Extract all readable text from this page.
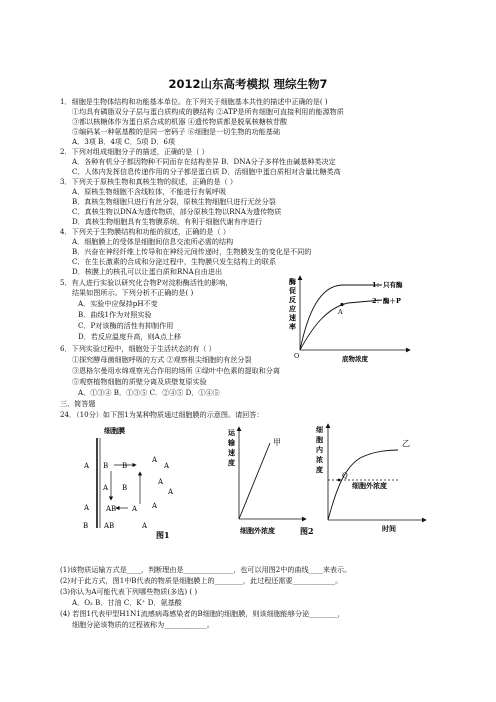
2012山东高考模拟 理综生物7
1．细胞是生物体结构和功能基本单位。在下列关于细胞基本共性的描述中正确的是( )
①均具有磷脂双分子层与蛋白质构成的膜结构 ②ATP是所有细胞可直接利用的能源物质
③都以核糖体作为蛋白质合成的机器 ④遗传物质都是脱氧核糖核苷酸
⑤编码某一种氨基酸的是同一密码子 ⑥细胞是一切生物的功能基础
A．3项 B．4项 C．5项 D．6项
2．下列对组成细胞分子的描述，正确的是（ ）
A．各种有机分子都因物种不同而存在结构差异 B．DNA分子多样性由碱基种类决定
C．人体内发挥信息传递作用的分子都是蛋白质 D．活细胞中蛋白质相对含量比糖类高
3．下列关于原核生物和真核生物的叙述，正确的是（ ）
A．原核生物细胞不含线粒体，不能进行有氧呼吸
B．真核生物细胞只进行有丝分裂，原核生物细胞只进行无丝分裂
C．真核生物以DNA为遗传物质，部分原核生物以RNA为遗传物质
D．真核生物细胞具有生物膜系统，有利于细胞代谢有序进行
4．下列关于生物膜结构和功能的叙述，正确的是（ ）
A．细胞膜上的受体是细胞间信息交流所必需的结构
B．兴奋在神经纤维上传导和在神经元间传递时，生物膜发生的变化是不同的
C．在生长激素的合成和分泌过程中，生物膜只发生结构上的联系
D．核膜上的核孔可以让蛋白质和RNA自由进出
5．有人进行实验以研究化合物P对淀粉酶活性的影响，
结果如图所示。下列分析不正确的是( )
A．实验中应保持pH不变
B．曲线1作为对照实验
C．P对该酶的活性有抑制作用
D．若反应温度升高，则A点上移
酶
促
反
应
速
率
A
1：只有酶
2：酶＋P
O	底物浓度
6．下列实验过程中，细胞处于生活状态的有（ ）
①探究酵母菌细胞呼吸的方式 ②观察根尖细胞的有丝分裂
③恩格尔曼用水绵观察光合作用的场所 ④绿叶中色素的提取和分离
⑤观察植物细胞的质壁分离及质壁复原实验
A．①③④ B．①③⑤ C．②④⑤ D．①④⑤
三、简答题
24．（10分）如下图1为某种物质通过细胞膜的示意图。请回答：
细胞膜
A B B
A B
A AB A
B AB	A
A
A
A
A
A
图1
运
输
速
度
甲
细胞外浓度
细
胞
内
浓
度
Q
乙
细胞外浓度
时间
图2
(1)该物质运输方式是____，判断理由是______________，也可以用图2中的曲线____来表示。
(2)对于此方式，图1中B代表的物质是细胞膜上的________，此过程还需要____________。
(3)你认为A可能代表下列哪些物质(多选) ( )
A．O₂ B．甘油 C．K⁺ D．氨基酸
(4) 若图1代表甲型H1N1流感病毒感染者的B细胞的细胞膜，则该细胞能够分泌________，
细胞分泌该物质的过程被称为____________。
